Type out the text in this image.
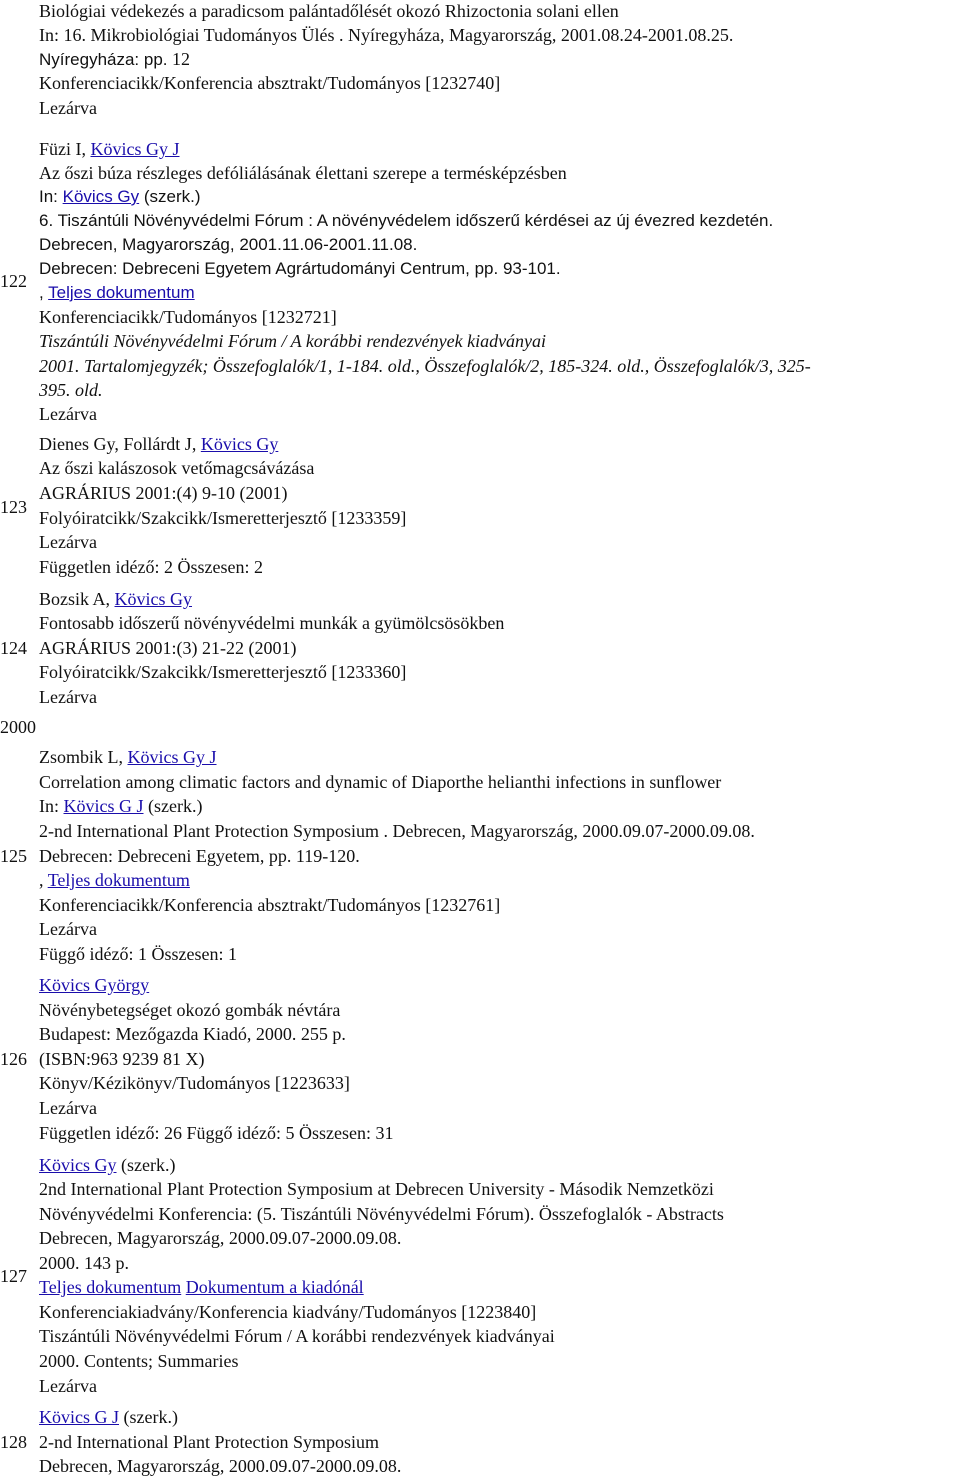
Biológiai védekezés a paradicsom palántadőlését okozó Rhizoctonia solani ellen
In: 16. Mikrobiológiai Tudományos Ülés . Nyíregyháza, Magyarország, 2001.08.24-2001.08.25.
Nyíregyháza: pp. 12
Konferenciacikk/Konferencia absztrakt/Tudományos [1232740]
Lezárva
122
Füzi I, Kövics Gy J
Az őszi búza részleges defóliálásának élettani szerepe a termésképzésben
In: Kövics Gy (szerk.)
6. Tiszántúli Növényvédelmi Fórum : A növényvédelem időszerű kérdései az új évezred kezdetén.
Debrecen, Magyarország, 2001.11.06-2001.11.08.
Debrecen: Debreceni Egyetem Agrártudományi Centrum, pp. 93-101.
, Teljes dokumentum
Konferenciacikk/Tudományos [1232721]
Tiszántúli Növényvédelmi Fórum / A korábbi rendezvények kiadványai
2001. Tartalomjegyzék; Összefoglalók/1, 1-184. old., Összefoglalók/2, 185-324. old., Összefoglalók/3, 325-
395. old.
Lezárva
123
Dienes Gy, Follárdt J, Kövics Gy
Az őszi kalászosok vetőmagcsávázása
AGRÁRIUS 2001:(4) 9-10 (2001)
Folyóiratcikk/Szakcikk/Ismeretterjesztő [1233359]
Lezárva
Független idéző: 2 Összesen: 2
124
Bozsik A, Kövics Gy
Fontosabb időszerű növényvédelmi munkák a gyümölcsösökben
AGRÁRIUS 2001:(3) 21-22 (2001)
Folyóiratcikk/Szakcikk/Ismeretterjesztő [1233360]
Lezárva
2000
125
Zsombik L, Kövics Gy J
Correlation among climatic factors and dynamic of Diaporthe helianthi infections in sunflower
In: Kövics G J (szerk.)
2-nd International Plant Protection Symposium . Debrecen, Magyarország, 2000.09.07-2000.09.08.
Debrecen: Debreceni Egyetem, pp. 119-120.
, Teljes dokumentum
Konferenciacikk/Konferencia absztrakt/Tudományos [1232761]
Lezárva
Függő idéző: 1 Összesen: 1
126
Kövics György
Növénybetegséget okozó gombák névtára
Budapest: Mezőgazda Kiadó, 2000. 255 p.
(ISBN:963 9239 81 X)
Könyv/Kézikönyv/Tudományos [1223633]
Lezárva
Független idéző: 26 Függő idéző: 5 Összesen: 31
127
Kövics Gy (szerk.)
2nd International Plant Protection Symposium at Debrecen University - Második Nemzetközi
Növényvédelmi Konferencia: (5. Tiszántúli Növényvédelmi Fórum). Összefoglalók - Abstracts
Debrecen, Magyarország, 2000.09.07-2000.09.08.
2000. 143 p.
Teljes dokumentum Dokumentum a kiadónál
Konferenciakiadvány/Konferencia kiadvány/Tudományos [1223840]
Tiszántúli Növényvédelmi Fórum / A korábbi rendezvények kiadványai
2000. Contents; Summaries
Lezárva
128
Kövics G J (szerk.)
2-nd International Plant Protection Symposium
Debrecen, Magyarország, 2000.09.07-2000.09.08.
